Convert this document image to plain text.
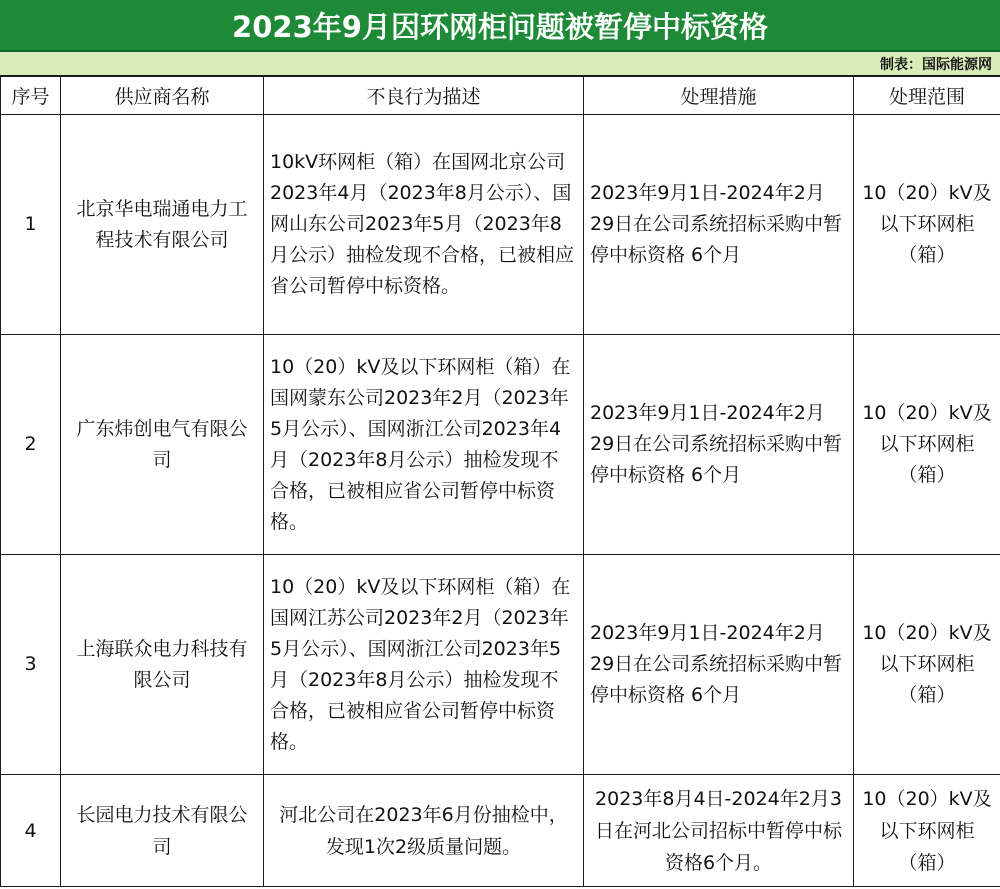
2023年9月因环网柜问题被暂停中标资格
制表：国际能源网
序号	供应商名称	不良行为描述	处理措施	处理范围
1	北京华电瑞通电力工程技术有限公司	10kV环网柜（箱）在国网北京公司2023年4月（2023年8月公示）、国网山东公司2023年5月（2023年8月公示）抽检发现不合格，已被相应省公司暂停中标资格。	2023年9月1日-2024年2月29日在公司系统招标采购中暂停中标资格 6个月	10（20）kV及以下环网柜（箱）
2	广东炜创电气有限公司	10（20）kV及以下环网柜（箱）在国网蒙东公司2023年2月（2023年5月公示）、国网浙江公司2023年4月（2023年8月公示）抽检发现不合格，已被相应省公司暂停中标资格。	2023年9月1日-2024年2月29日在公司系统招标采购中暂停中标资格 6个月	10（20）kV及以下环网柜（箱）
3	上海联众电力科技有限公司	10（20）kV及以下环网柜（箱）在国网江苏公司2023年2月（2023年5月公示）、国网浙江公司2023年5月（2023年8月公示）抽检发现不合格，已被相应省公司暂停中标资格。	2023年9月1日-2024年2月29日在公司系统招标采购中暂停中标资格 6个月	10（20）kV及以下环网柜（箱）
4	长园电力技术有限公司	河北公司在2023年6月份抽检中，发现1次2级质量问题。	2023年8月4日-2024年2月3日在河北公司招标中暂停中标资格6个月。	10（20）kV及以下环网柜（箱）
